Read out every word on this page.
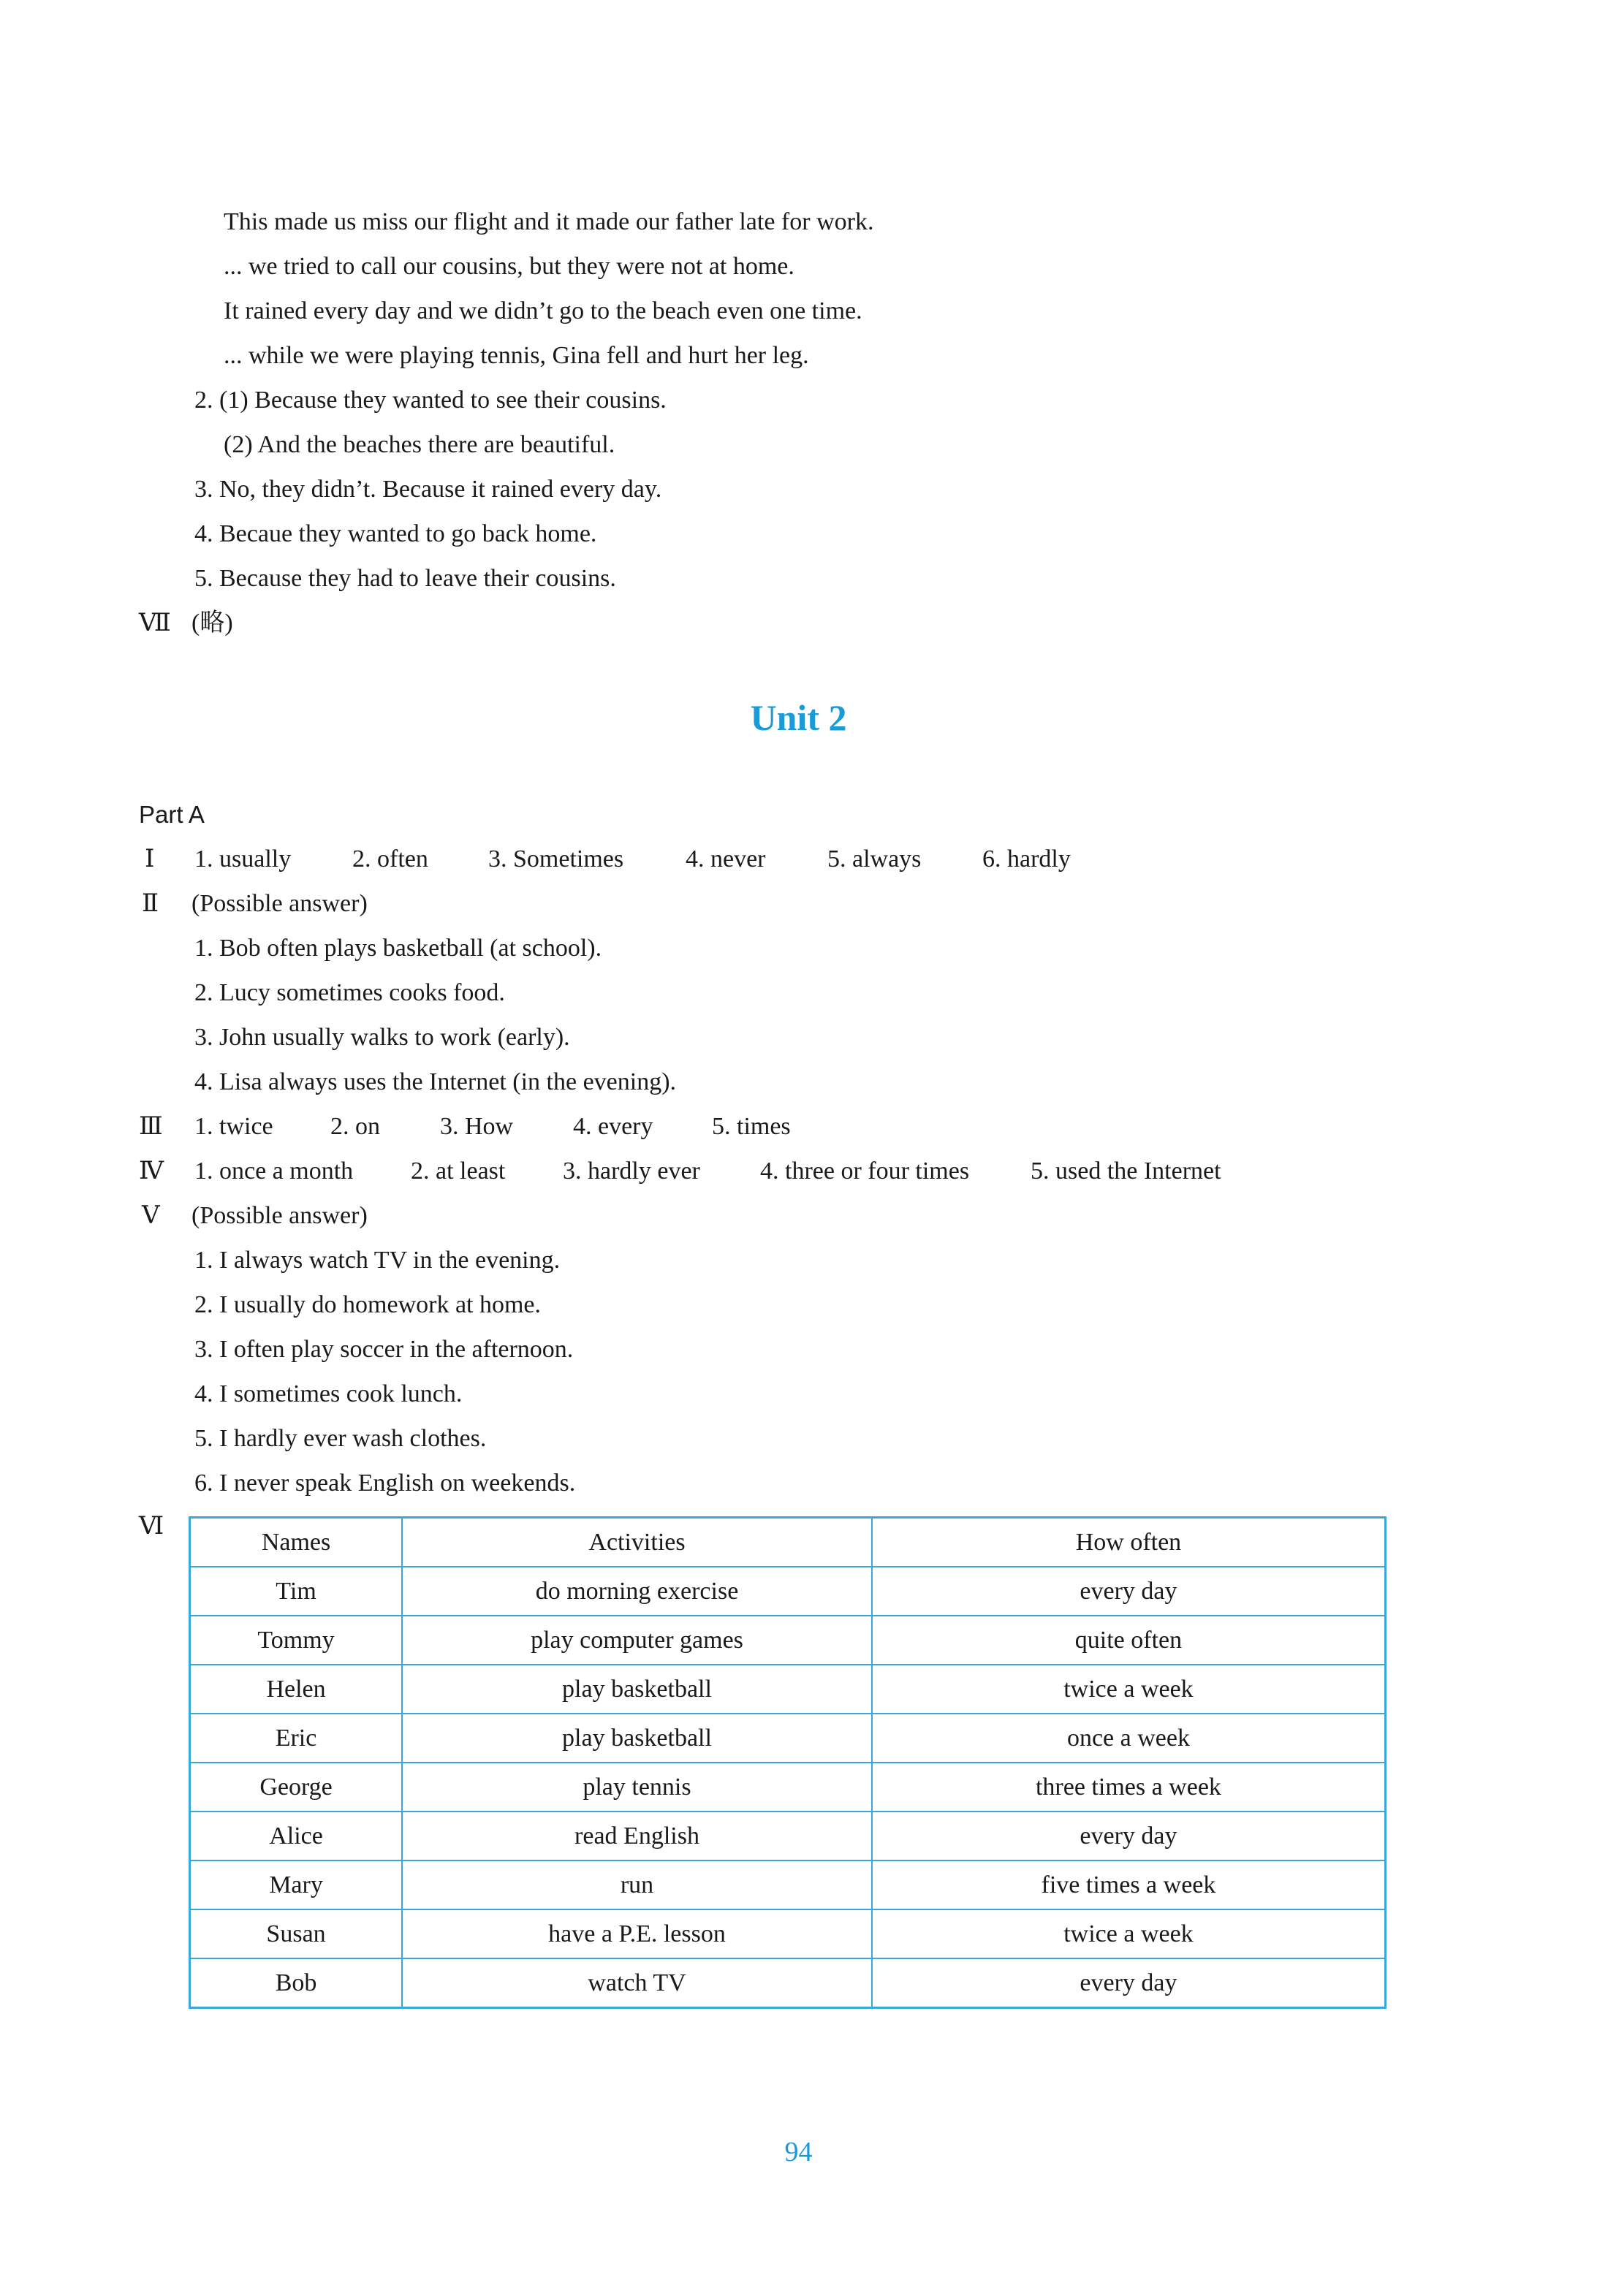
This made us miss our flight and it made our father late for work.
... we tried to call our cousins, but they were not at home.
It rained every day and we didn’t go to the beach even one time.
... while we were playing tennis, Gina fell and hurt her leg.
2. (1) Because they wanted to see their cousins.
(2) And the beaches there are beautiful.
3. No, they didn’t. Because it rained every day.
4. Becaue they wanted to go back home.
5. Because they had to leave their cousins.
Ⅶ (略)
Unit 2
Part A
Ⅰ 1. usually 2. often 3. Sometimes 4. never 5. always 6. hardly
Ⅱ (Possible answer)
1. Bob often plays basketball (at school).
2. Lucy sometimes cooks food.
3. John usually walks to work (early).
4. Lisa always uses the Internet (in the evening).
Ⅲ 1. twice 2. on 3. How 4. every 5. times
Ⅳ 1. once a month 2. at least 3. hardly ever 4. three or four times 5. used the Internet
Ⅴ (Possible answer)
1. I always watch TV in the evening.
2. I usually do homework at home.
3. I often play soccer in the afternoon.
4. I sometimes cook lunch.
5. I hardly ever wash clothes.
6. I never speak English on weekends.
Ⅵ
Names	Activities	How often
Tim	do morning exercise	every day
Tommy	play computer games	quite often
Helen	play basketball	twice a week
Eric	play basketball	once a week
George	play tennis	three times a week
Alice	read English	every day
Mary	run	five times a week
Susan	have a P.E. lesson	twice a week
Bob	watch TV	every day
94
